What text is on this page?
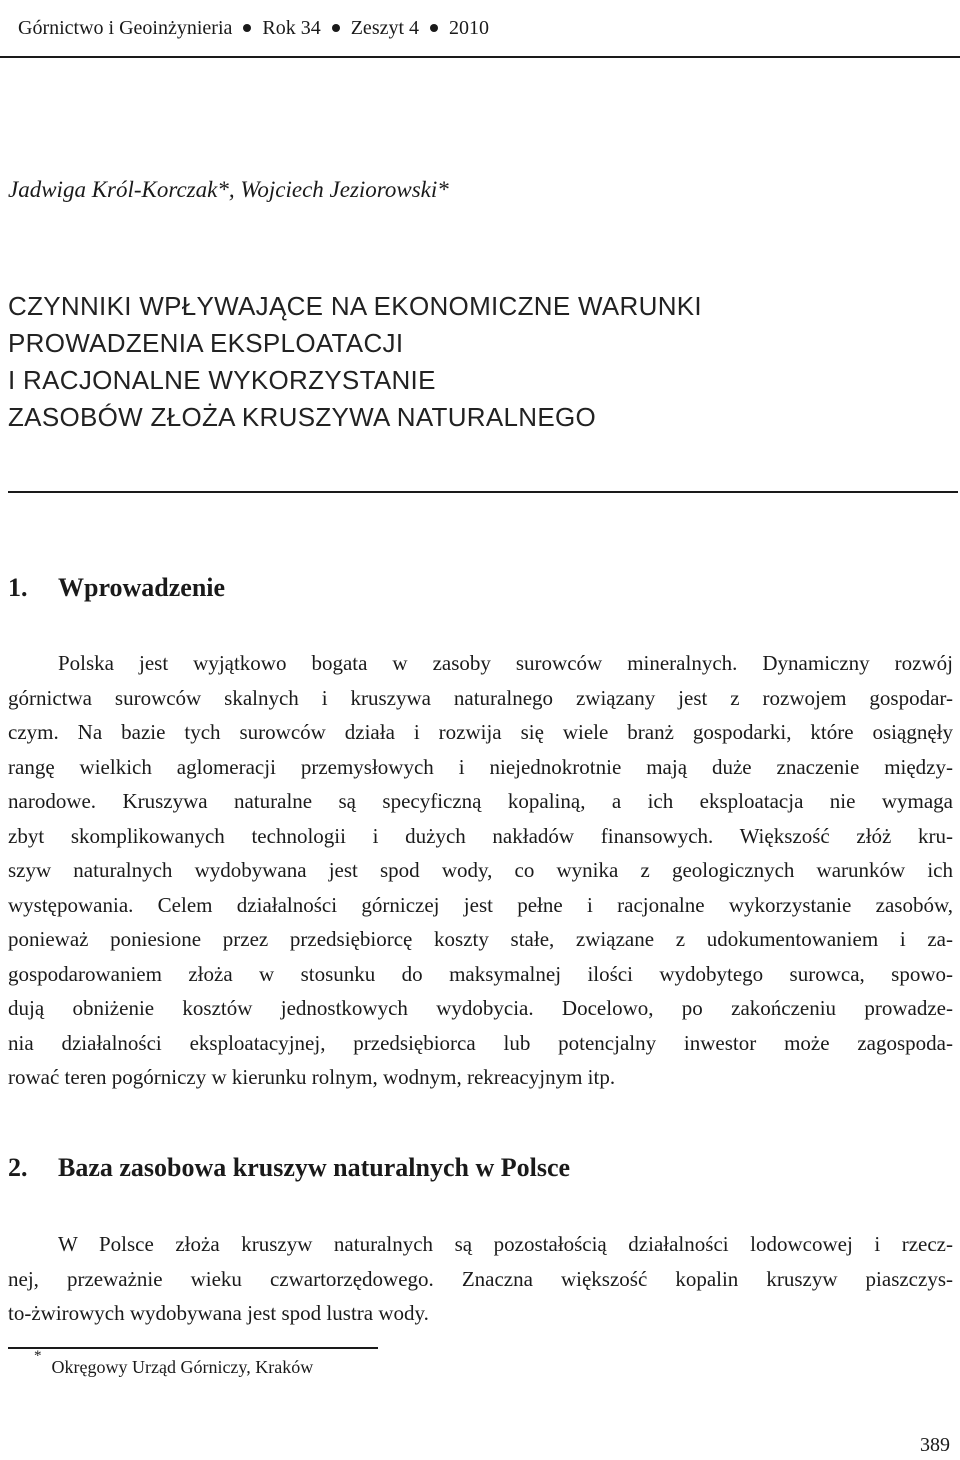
Górnictwo i Geoinżynieria Rok 34 Zeszyt 4 2010
Jadwiga Król-Korczak*, Wojciech Jeziorowski*
CZYNNIKI WPŁYWAJĄCE NA EKONOMICZNE WARUNKI
PROWADZENIA EKSPLOATACJI
I RACJONALNE WYKORZYSTANIE
ZASOBÓW ZŁOŻA KRUSZYWA NATURALNEGO
1. Wprowadzenie
Polska jest wyjątkowo bogata w zasoby surowców mineralnych. Dynamiczny rozwój
górnictwa surowców skalnych i kruszywa naturalnego związany jest z rozwojem gospodar-
czym. Na bazie tych surowców działa i rozwija się wiele branż gospodarki, które osiągnęły
rangę wielkich aglomeracji przemysłowych i niejednokrotnie mają duże znaczenie między-
narodowe. Kruszywa naturalne są specyficzną kopaliną, a ich eksploatacja nie wymaga
zbyt skomplikowanych technologii i dużych nakładów finansowych. Większość złóż kru-
szyw naturalnych wydobywana jest spod wody, co wynika z geologicznych warunków ich
występowania. Celem działalności górniczej jest pełne i racjonalne wykorzystanie zasobów,
ponieważ poniesione przez przedsiębiorcę koszty stałe, związane z udokumentowaniem i za-
gospodarowaniem złoża w stosunku do maksymalnej ilości wydobytego surowca, spowo-
dują obniżenie kosztów jednostkowych wydobycia. Docelowo, po zakończeniu prowadze-
nia działalności eksploatacyjnej, przedsiębiorca lub potencjalny inwestor może zagospoda-
rować teren pogórniczy w kierunku rolnym, wodnym, rekreacyjnym itp.
2. Baza zasobowa kruszyw naturalnych w Polsce
W Polsce złoża kruszyw naturalnych są pozostałością działalności lodowcowej i rzecz-
nej, przeważnie wieku czwartorzędowego. Znaczna większość kopalin kruszyw piaszczys-
to-żwirowych wydobywana jest spod lustra wody.
*Okręgowy Urząd Górniczy, Kraków
389
